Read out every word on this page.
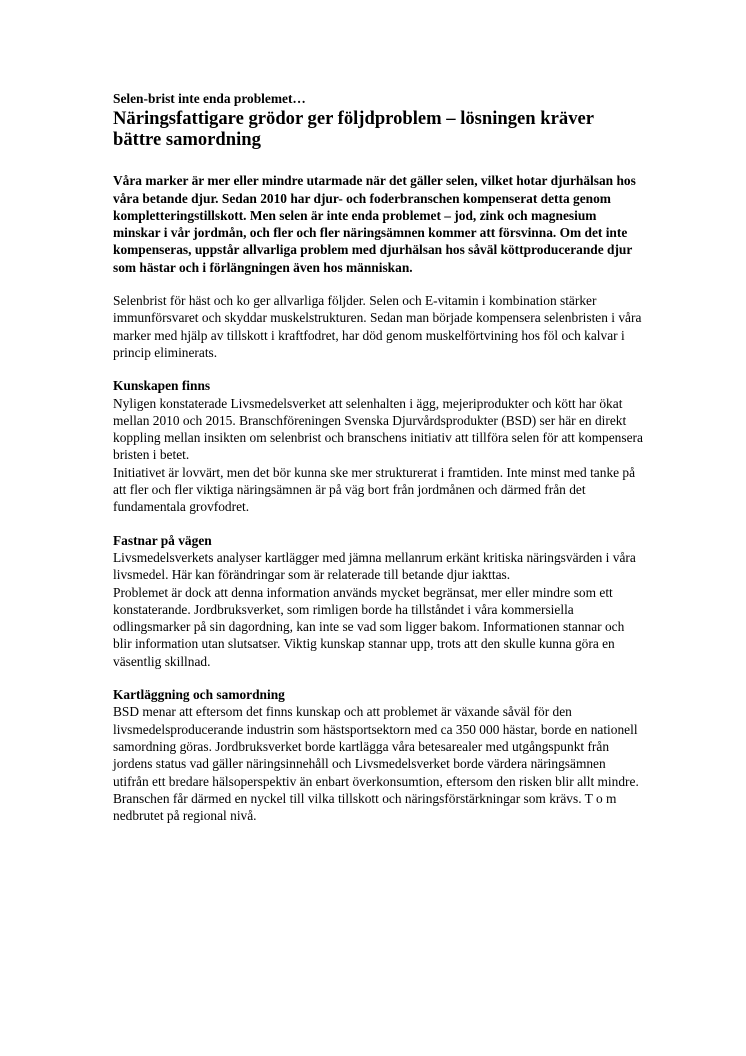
Selen-brist inte enda problemet…

Näringsfattigare grödor ger följdproblem – lösningen kräver bättre samordning

Våra marker är mer eller mindre utarmade när det gäller selen, vilket hotar djurhälsan hos våra betande djur. Sedan 2010 har djur- och foderbranschen kompenserat detta genom kompletteringstillskott. Men selen är inte enda problemet – jod, zink och magnesium minskar i vår jordmån, och fler och fler näringsämnen kommer att försvinna. Om det inte kompenseras, uppstår allvarliga problem med djurhälsan hos såväl köttproducerande djur som hästar och i förlängningen även hos människan.

Selenbrist för häst och ko ger allvarliga följder. Selen och E-vitamin i kombination stärker immunförsvaret och skyddar muskelstrukturen. Sedan man började kompensera selenbristen i våra marker med hjälp av tillskott i kraftfodret, har död genom muskelförtvining hos föl och kalvar i princip eliminerats.

Kunskapen finns

Nyligen konstaterade Livsmedelsverket att selenhalten i ägg, mejeriprodukter och kött har ökat mellan 2010 och 2015. Branschföreningen Svenska Djurvårdsprodukter (BSD) ser här en direkt koppling mellan insikten om selenbrist och branschens initiativ att tillföra selen för att kompensera bristen i betet.

Initiativet är lovvärt, men det bör kunna ske mer strukturerat i framtiden. Inte minst med tanke på att fler och fler viktiga näringsämnen är på väg bort från jordmånen och därmed från det fundamentala grovfodret.

Fastnar på vägen

Livsmedelsverkets analyser kartlägger med jämna mellanrum erkänt kritiska näringsvärden i våra livsmedel. Här kan förändringar som är relaterade till betande djur iakttas.

Problemet är dock att denna information används mycket begränsat, mer eller mindre som ett konstaterande. Jordbruksverket, som rimligen borde ha tillståndet i våra kommersiella odlingsmarker på sin dagordning, kan inte se vad som ligger bakom. Informationen stannar och blir information utan slutsatser. Viktig kunskap stannar upp, trots att den skulle kunna göra en väsentlig skillnad.

Kartläggning och samordning

BSD menar att eftersom det finns kunskap och att problemet är växande såväl för den livsmedelsproducerande industrin som hästsportsektorn med ca 350 000 hästar, borde en nationell samordning göras. Jordbruksverket borde kartlägga våra betesarealer med utgångspunkt från jordens status vad gäller näringsinnehåll och Livsmedelsverket borde värdera näringsämnen utifrån ett bredare hälsoperspektiv än enbart överkonsumtion, eftersom den risken blir allt mindre.

Branschen får därmed en nyckel till vilka tillskott och näringsförstärkningar som krävs. T o m nedbrutet på regional nivå.
